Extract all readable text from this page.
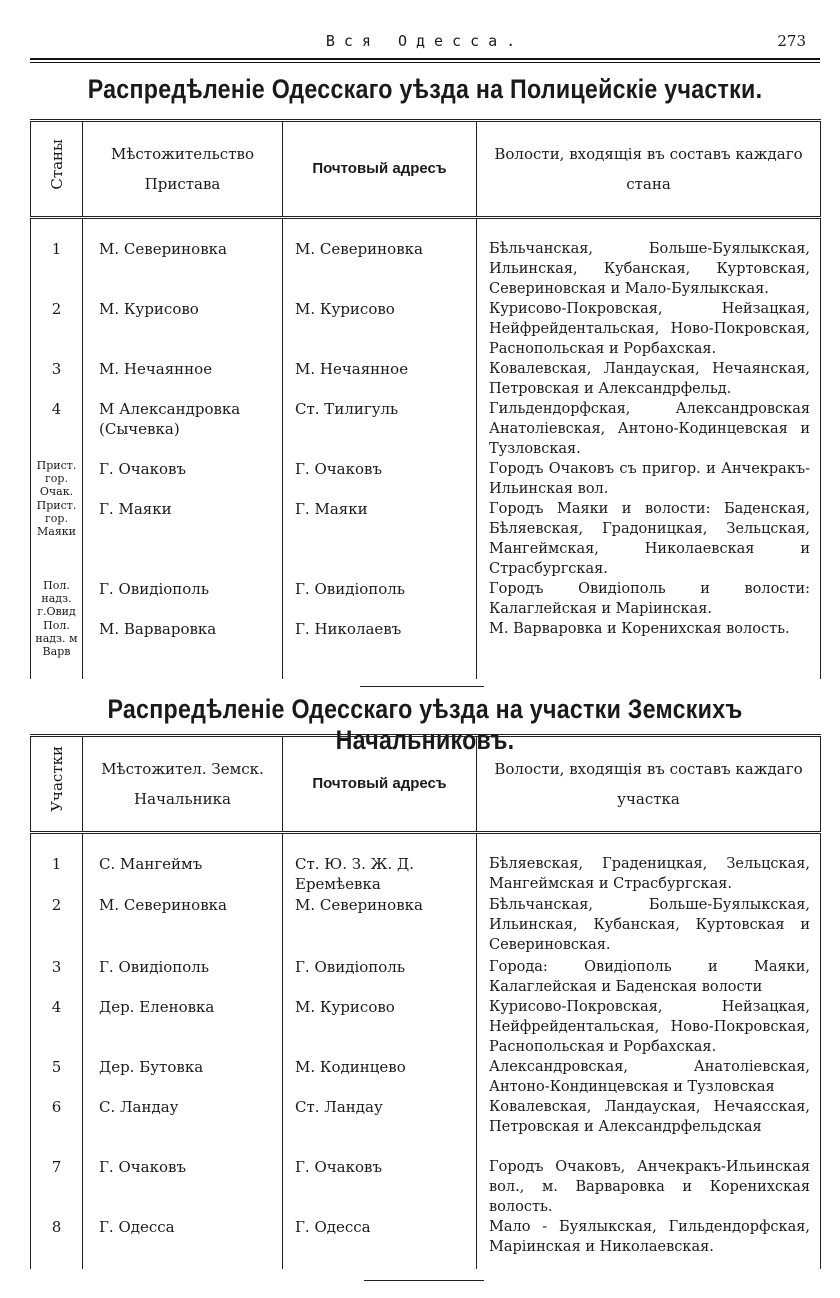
Вся Одесса.	273
Распредѣленіе Одесскаго уѣзда на Полицейскіе участки.
Станы	Мѣстожительство Пристава	Почтовый адресъ	Волости, входящія въ составъ каждаго стана
1	М. Севериновка	М. Севериновка	Бѣльчанская, Больше-Буялыкская, Ильинская, Кубанская, Куртовская, Севериновская и Мало-Буялыкская.
2	М. Курисово	М. Курисово	Курисово-Покровская, Нейзацкая, Нейфрейдентальская, Ново-Покровская, Раснопольская и Рорбахская.
3	М. Нечаянное	М. Нечаянное	Ковалевская, Ландауская, Нечаянская, Петровская и Александрфельд.
4	М Александровка (Сычевка)	Ст. Тилигуль	Гильдендорфская, Александровская Анатоліевская, Антоно-Кодинцевская и Тузловская.
Прист. гор. Очак.	Г. Очаковъ	Г. Очаковъ	Городъ Очаковъ съ пригор. и Анчекракъ-Ильинская вол.
Прист. гор. Маяки	Г. Маяки	Г. Маяки	Городъ Маяки и волости: Баденская, Бѣляевская, Градоницкая, Зельцская, Мангеймская, Николаевская и Страсбургская.
Пол. надз. г.Овид	Г. Овидіополь	Г. Овидіополь	Городъ Овидіополь и волости: Калаглейская и Маріинская.
Пол. надз. м Варв	М. Варваровка	Г. Николаевъ	М. Варваровка и Коренихская волость.
Распредѣленіе Одесскаго уѣзда на участки Земскихъ Начальниковъ.
Участки	Мѣстожител. Земск. Начальника	Почтовый адресъ	Волости, входящія въ составъ каждаго участка
1	С. Мангеймъ	Ст. Ю. З. Ж. Д. Еремѣевка	Бѣляевская, Граденицкая, Зельцская, Мангеймская и Страсбургская.
2	М. Севериновка	М. Севериновка	Бѣльчанская, Больше-Буялыкская, Ильинская, Кубанская, Куртовская и Севериновская.
3	Г. Овидіополь	Г. Овидіополь	Города: Овидіополь и Маяки, Калаглейская и Баденская волости
4	Дер. Еленовка	М. Курисово	Курисово-Покровская, Нейзацкая, Нейфрейдентальская, Ново-Покровская, Раснопольская и Рорбахская.
5	Дер. Бутовка	М. Кодинцево	Александровская, Анатоліевская, Антоно-Кондинцевская и Тузловская
6	С. Ландау	Ст. Ландау	Ковалевская, Ландауская, Нечаясская, Петровская и Александрфельдская
7	Г. Очаковъ	Г. Очаковъ	Городъ Очаковъ, Анчекракъ-Ильинская вол., м. Варваровка и Коренихская волость.
8	Г. Одесса	Г. Одесса	Мало - Буялыкская, Гильдендорфская, Маріинская и Николаевская.
